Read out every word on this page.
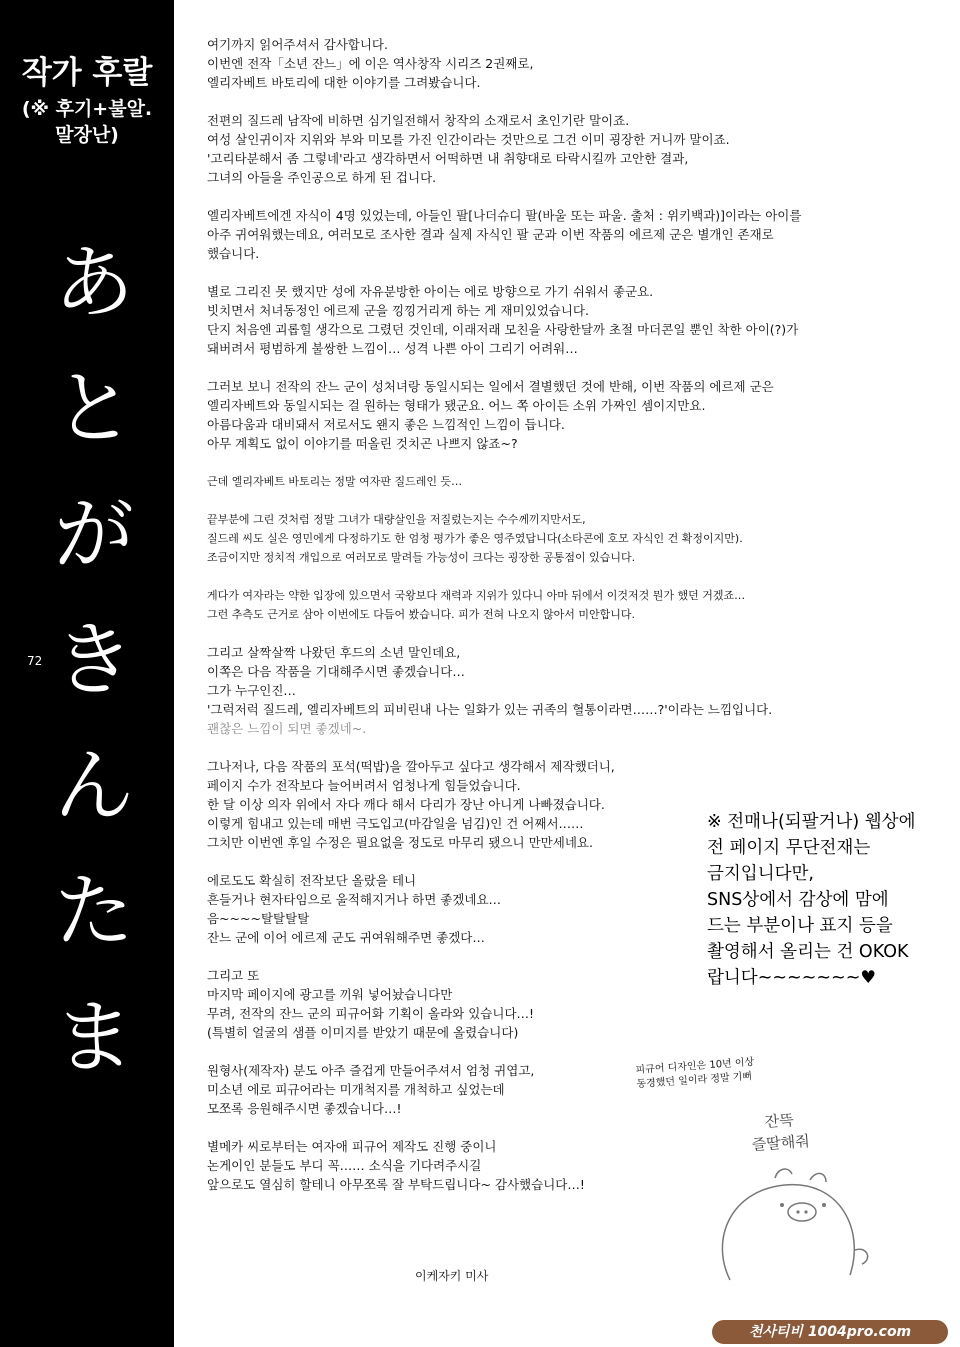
작가 후랄
(※ 후기+불알.
말장난)
72
あ
と
が
き
ん
た
ま
여기까지 읽어주셔서 감사합니다.
이번엔 전작「소년 잔느」에 이은 역사창작 시리즈 2권째로,
엘리자베트 바토리에 대한 이야기를 그려봤습니다.
전편의 질드레 남작에 비하면 심기일전해서 창작의 소재로서 초인기란 말이죠.
여성 살인귀이자 지위와 부와 미모를 가진 인간이라는 것만으로 그건 이미 굉장한 거니까 말이죠.
'고리타분해서 좀 그렇네'라고 생각하면서 어떡하면 내 취향대로 타락시킬까 고안한 결과,
그녀의 아들을 주인공으로 하게 된 겁니다.
엘리자베트에겐 자식이 4명 있었는데, 아들인 팔[나더슈디 팔(바울 또는 파울. 출처 : 위키백과)]이라는 아이를
아주 귀여워했는데요, 여러모로 조사한 결과 실제 자식인 팔 군과 이번 작품의 에르제 군은 별개인 존재로
했습니다.
별로 그리진 못 했지만 성에 자유분방한 아이는 에로 방향으로 가기 쉬워서 좋군요.
빗치면서 처녀동정인 에르제 군을 낑낑거리게 하는 게 재미있었습니다.
단지 처음엔 괴롭힐 생각으로 그렸던 것인데, 이래저래 모친을 사랑한달까 초절 마더콘일 뿐인 착한 아이(?)가
돼버려서 평범하게 불쌍한 느낌이… 성격 나쁜 아이 그리기 어려워…
그러보 보니 전작의 잔느 군이 성처녀랑 동일시되는 일에서 결별했던 것에 반해, 이번 작품의 에르제 군은
엘리자베트와 동일시되는 걸 원하는 형태가 됐군요. 어느 쪽 아이든 소위 가짜인 셈이지만요.
아름다움과 대비돼서 저로서도 왠지 좋은 느낌적인 느낌이 듭니다.
아무 계획도 없이 이야기를 떠올린 것치곤 나쁘지 않죠~?
근데 엘리자베트 바토리는 정말 여자판 질드레인 듯…
끝부분에 그린 것처럼 정말 그녀가 대량살인을 저질렀는지는 수수께끼지만서도,
질드레 씨도 실은 영민에게 다정하기도 한 엄청 평가가 좋은 영주였답니다(소타콘에 호모 자식인 건 확정이지만).
조금이지만 정치적 개입으로 여러모로 말려들 가능성이 크다는 굉장한 공통점이 있습니다.
게다가 여자라는 약한 입장에 있으면서 국왕보다 재력과 지위가 있다니 아마 뒤에서 이것저것 뭔가 했던 거겠죠…
그런 추측도 근거로 삼아 이번에도 다듬어 봤습니다. 피가 전혀 나오지 않아서 미안합니다.
그리고 살짝살짝 나왔던 후드의 소년 말인데요,
이쪽은 다음 작품을 기대해주시면 좋겠습니다…
그가 누구인진…
'그럭저럭 질드레, 엘리자베트의 피비린내 나는 일화가 있는 귀족의 혈통이라면……?'이라는 느낌입니다.
괜찮은 느낌이 되면 좋겠네~.
그나저나, 다음 작품의 포석(떡밥)을 깔아두고 싶다고 생각해서 제작했더니,
페이지 수가 전작보다 늘어버려서 엄청나게 힘들었습니다.
한 달 이상 의자 위에서 자다 깨다 해서 다리가 장난 아니게 나빠졌습니다.
이렇게 힘내고 있는데 매번 극도입고(마감일을 넘김)인 건 어째서……
그치만 이번엔 후일 수정은 필요없을 정도로 마무리 됐으니 만만세네요.
에로도도 확실히 전작보단 올랐을 테니
흔들거나 현자타임으로 울적해지거나 하면 좋겠네요…
음~~~~탈탈탈탈
잔느 군에 이어 에르제 군도 귀여워해주면 좋겠다…
그리고 또
마지막 페이지에 광고를 끼워 넣어놨습니다만
무려, 전작의 잔느 군의 피규어화 기획이 올라와 있습니다…!
(특별히 얼굴의 샘플 이미지를 받았기 때문에 올렸습니다)
원형사(제작자) 분도 아주 즐겁게 만들어주셔서 엄청 귀엽고,
미소년 에로 피규어라는 미개척지를 개척하고 싶었는데
모쪼록 응원해주시면 좋겠습니다…!
별메카 씨로부터는 여자애 피규어 제작도 진행 중이니
논게이인 분들도 부디 꼭…… 소식을 기다려주시길
앞으로도 열심히 할테니 아무쪼록 잘 부탁드립니다~ 감사했습니다…!
이케자키 미사
※ 전매나(되팔거나) 웹상에
전 페이지 무단전재는
금지입니다만,
SNS상에서 감상에 맘에
드는 부분이나 표지 등을
촬영해서 올리는 건 OKOK
랍니다~~~~~~~♥
피규어 디자인은 10년 이상
동경했던 일이라 정말 기뻐
잔뜩
즐딸해줘
천사티비 1004pro.com
